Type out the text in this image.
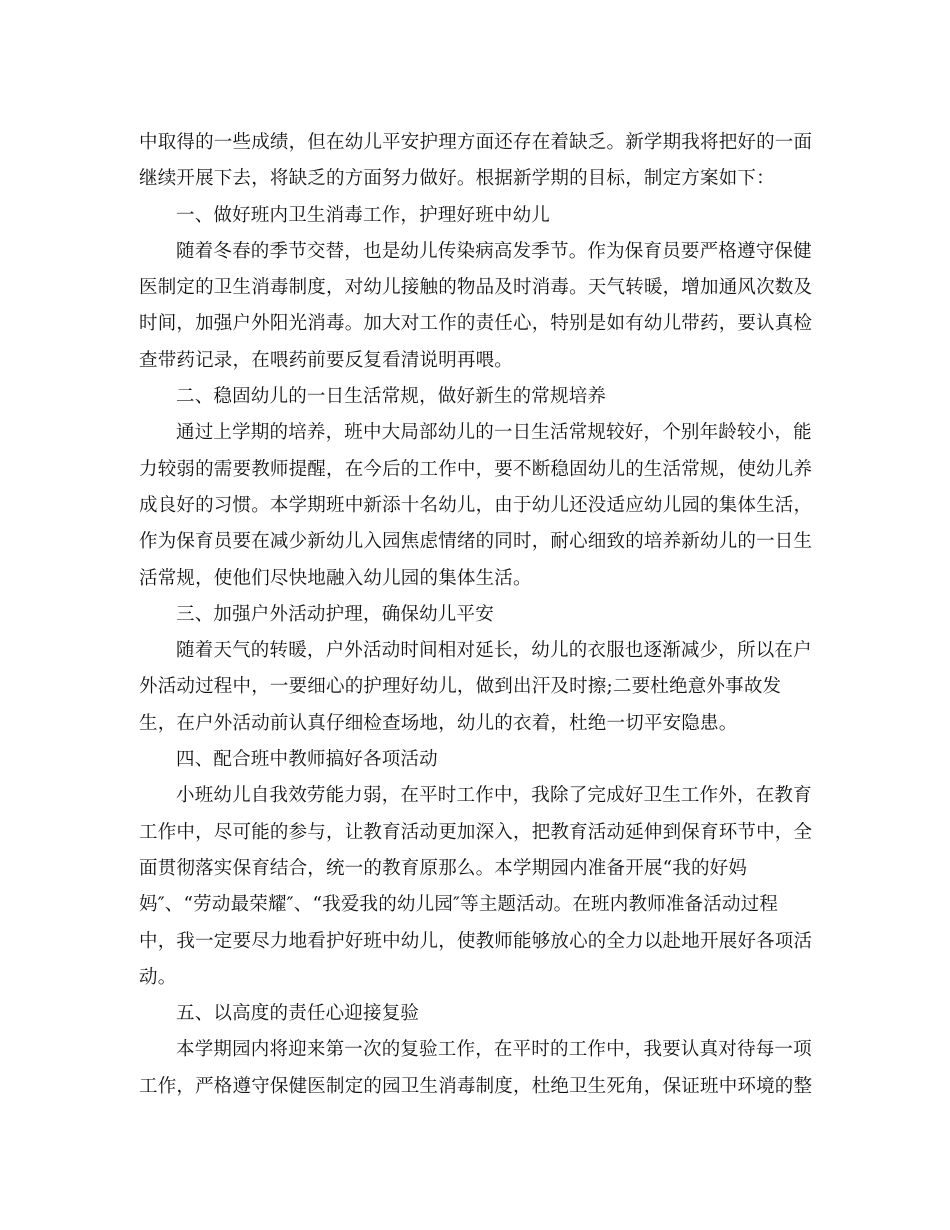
中取得的一些成绩，但在幼儿平安护理方面还存在着缺乏。新学期我将把好的一面
继续开展下去，将缺乏的方面努力做好。根据新学期的目标，制定方案如下：
一、做好班内卫生消毒工作，护理好班中幼儿
随着冬春的季节交替，也是幼儿传染病高发季节。作为保育员要严格遵守保健
医制定的卫生消毒制度，对幼儿接触的物品及时消毒。天气转暖，增加通风次数及
时间，加强户外阳光消毒。加大对工作的责任心，特别是如有幼儿带药，要认真检
查带药记录，在喂药前要反复看清说明再喂。
二、稳固幼儿的一日生活常规，做好新生的常规培养
通过上学期的培养，班中大局部幼儿的一日生活常规较好，个别年龄较小，能
力较弱的需要教师提醒，在今后的工作中，要不断稳固幼儿的生活常规，使幼儿养
成良好的习惯。本学期班中新添十名幼儿，由于幼儿还没适应幼儿园的集体生活，
作为保育员要在减少新幼儿入园焦虑情绪的同时，耐心细致的培养新幼儿的一日生
活常规，使他们尽快地融入幼儿园的集体生活。
三、加强户外活动护理，确保幼儿平安
随着天气的转暖，户外活动时间相对延长，幼儿的衣服也逐渐减少，所以在户
外活动过程中，一要细心的护理好幼儿，做到出汗及时擦;二要杜绝意外事故发
生，在户外活动前认真仔细检查场地，幼儿的衣着，杜绝一切平安隐患。
四、配合班中教师搞好各项活动
小班幼儿自我效劳能力弱，在平时工作中，我除了完成好卫生工作外，在教育
工作中，尽可能的参与，让教育活动更加深入，把教育活动延伸到保育环节中，全
面贯彻落实保育结合，统一的教育原那么。本学期园内准备开展“我的好妈
妈″、“劳动最荣耀″、“我爱我的幼儿园″等主题活动。在班内教师准备活动过程
中，我一定要尽力地看护好班中幼儿，使教师能够放心的全力以赴地开展好各项活
动。
五、以高度的责任心迎接复验
本学期园内将迎来第一次的复验工作，在平时的工作中，我要认真对待每一项
工作，严格遵守保健医制定的园卫生消毒制度，杜绝卫生死角，保证班中环境的整
